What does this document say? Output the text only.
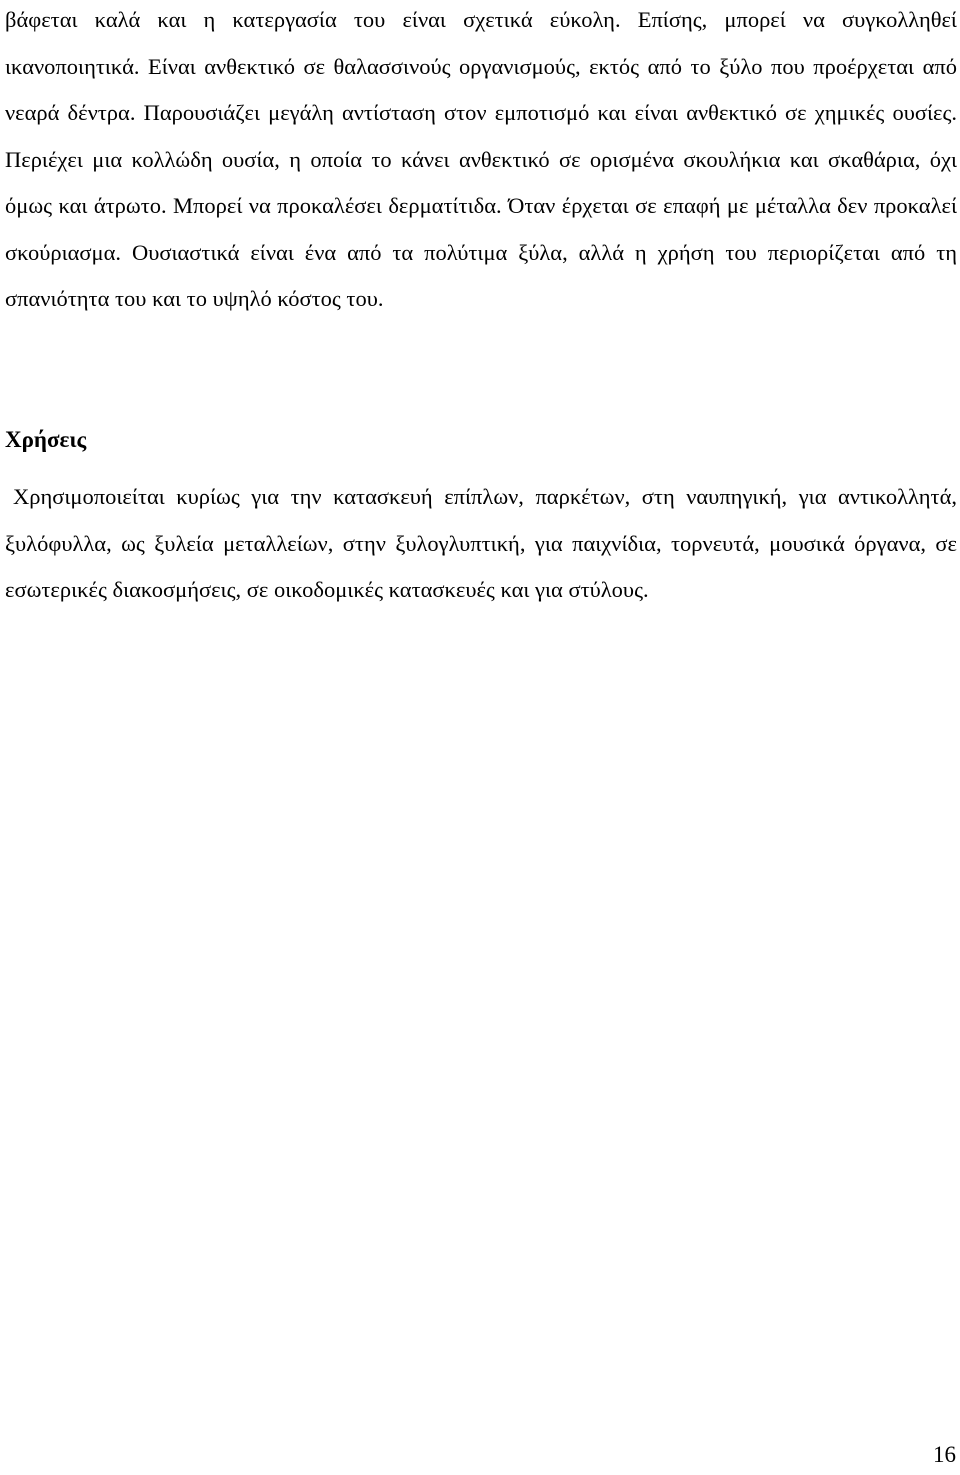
βάφεται καλά και η κατεργασία του είναι σχετικά εύκολη. Επίσης, μπορεί να συγκολληθεί ικανοποιητικά. Είναι ανθεκτικό σε θαλασσινούς οργανισμούς, εκτός από το ξύλο που προέρχεται από νεαρά δέντρα. Παρουσιάζει μεγάλη αντίσταση στον εμποτισμό και είναι ανθεκτικό σε χημικές ουσίες. Περιέχει μια κολλώδη ουσία, η οποία το κάνει ανθεκτικό σε ορισμένα σκουλήκια και σκαθάρια, όχι όμως και άτρωτο. Μπορεί να προκαλέσει δερματίτιδα. Όταν έρχεται σε επαφή με μέταλλα δεν προκαλεί σκούριασμα. Ουσιαστικά είναι ένα από τα πολύτιμα ξύλα, αλλά η χρήση του περιορίζεται από τη σπανιότητα του και το υψηλό κόστος του.

Χρήσεις

Χρησιμοποιείται κυρίως για την κατασκευή επίπλων, παρκέτων, στη ναυπηγική, για αντικολλητά, ξυλόφυλλα, ως ξυλεία μεταλλείων, στην ξυλογλυπτική, για παιχνίδια, τορνευτά, μουσικά όργανα, σε εσωτερικές διακοσμήσεις, σε οικοδομικές κατασκευές και για στύλους.

16
